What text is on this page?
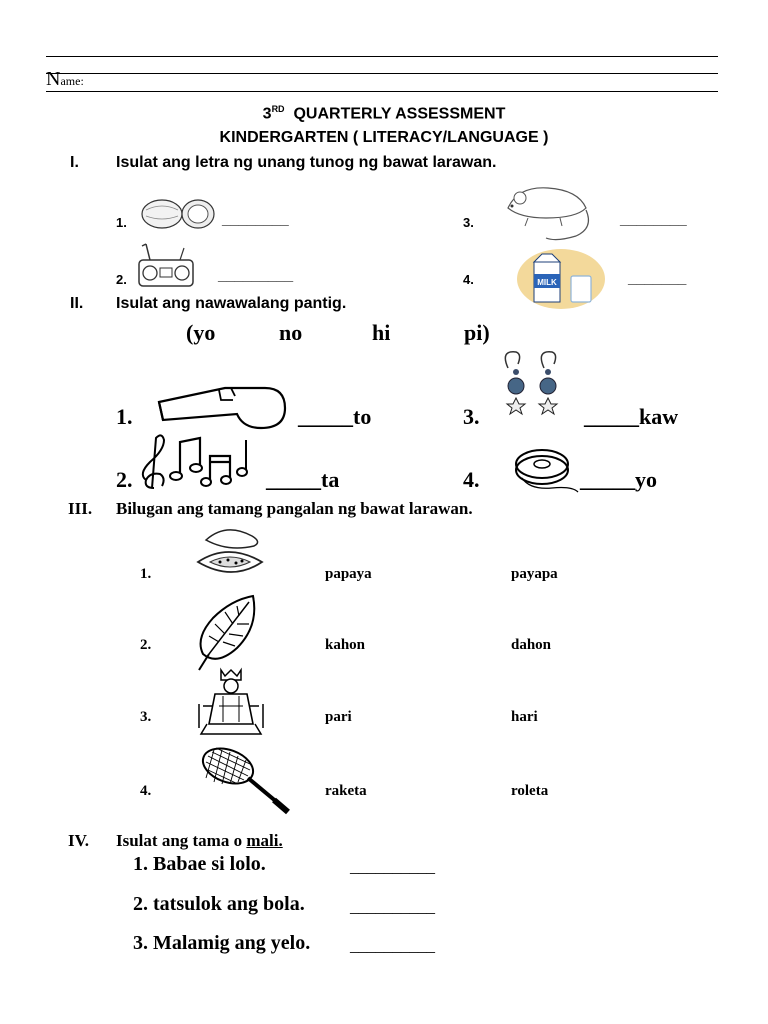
Name:
3RD QUARTERLY ASSESSMENT
KINDERGARTEN ( LITERACY/LANGUAGE )
I. Isulat ang letra ng unang tunog ng bawat larawan.
1.	________
2.	_________
3.	________
4.	MILK	_______
II. Isulat ang nawawalang pantig.
(yo	no	hi	pi)
1.	_____to
2.	_____ta
3.	_____kaw
4.	_____yo
III. Bilugan ang tamang pangalan ng bawat larawan.
1.	papaya	payapa
2.	kahon	dahon
3.	pari	hari
4.	raketa	roleta
IV. Isulat ang tama o mali.
1. Babae si lolo.	__________
2. tatsulok ang bola.	__________
3. Malamig ang yelo. __________
